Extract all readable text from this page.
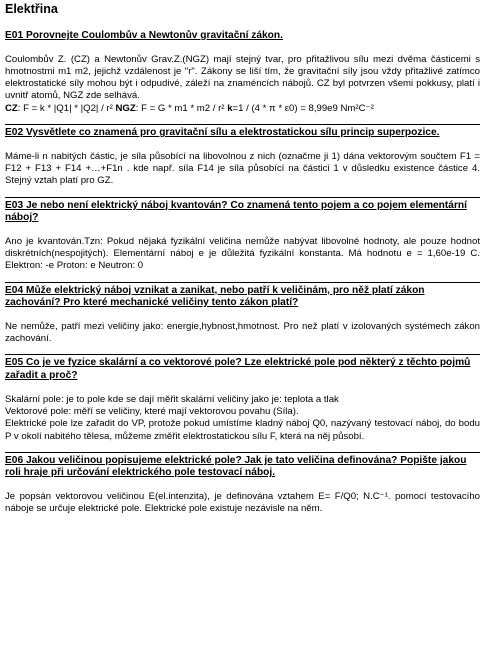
Elektřina
E01 Porovnejte Coulombův a Newtonův gravitační zákon.

Coulombův Z. (CZ) a Newtonův Grav.Z.(NGZ) mají stejný tvar, pro přitažlivou sílu mezi dvěma částicemi s hmotnostmi m1 m2, jejichž vzdálenost je "r". Zákony se liší tím, že gravitační síly jsou vždy přitažlivé zatímco elektrostatické síly mohou být i odpudivé, záleží na znaméncích nábojů. CZ byl potvrzen všemi pokkusy, platí i uvnitř atomů, NGZ zde selhává.

CZ: F = k * |Q1| * |Q2| / r² NGZ: F = G * m1 * m2 / r² k=1 / (4 * π * ε0) = 8,99e9 Nm²C⁻²

E02 Vysvětlete co znamená pro gravitační sílu a elektrostatickou sílu princip superpozice.

Máme-li n nabitých částic, je síla působící na libovolnou z nich (označme ji 1) dána vektorovým součtem F1 = F12 + F13 + F14 +…+F1n . kde např. síla F14 je síla působící na částici 1 v důsledku existence částice 4. Stejný vztah platí pro GZ.

E03 Je nebo není elektrický náboj kvantován? Co znamená tento pojem a co pojem elementární náboj?

Ano je kvantován.Tzn: Pokud nějaká fyzikální veličina nemůže nabývat libovolné hodnoty, ale pouze hodnot diskrétních(nespojitých). Elementární náboj e je důležitá fyzikální konstanta. Má hodnotu e = 1,60e-19 C. Elektron: -e Proton: e Neutron: 0

E04 Může elektrický náboj vznikat a zanikat, nebo patří k veličinám, pro něž platí zákon zachování? Pro které mechanické veličiny tento zákon platí?

Ne nemůže, patří mezi veličiny jako: energie,hybnost,hmotnost. Pro než platí v izolovaných systémech zákon zachování.

E05 Co je ve fyzice skalární a co vektorové pole? Lze elektrické pole pod některý z těchto pojmů zařadit a proč?

Skalární pole: je to pole kde se dají měřit skalární veličiny jako je: teplota a tlak

Vektorové pole: měří se veličiny, které mají vektorovou povahu (Síla).

Elektrické pole lze zařadit do VP, protože pokud umístíme kladný náboj Q0, nazývaný testovací náboj, do bodu P v okolí nabitého tělesa, můžeme změřit elektrostatickou sílu F, která na něj působí.

E06 Jakou veličinou popisujeme elektrické pole? Jak je tato veličina definována? Popište jakou roli hraje při určování elektrického pole testovací náboj.

Je popsán vektorovou veličinou E(el.intenzita), je definována vztahem E= F/Q0; N.C⁻¹. pomocí testovacího náboje se určuje elektrické pole. Elektrické pole existuje nezávisle na něm.
